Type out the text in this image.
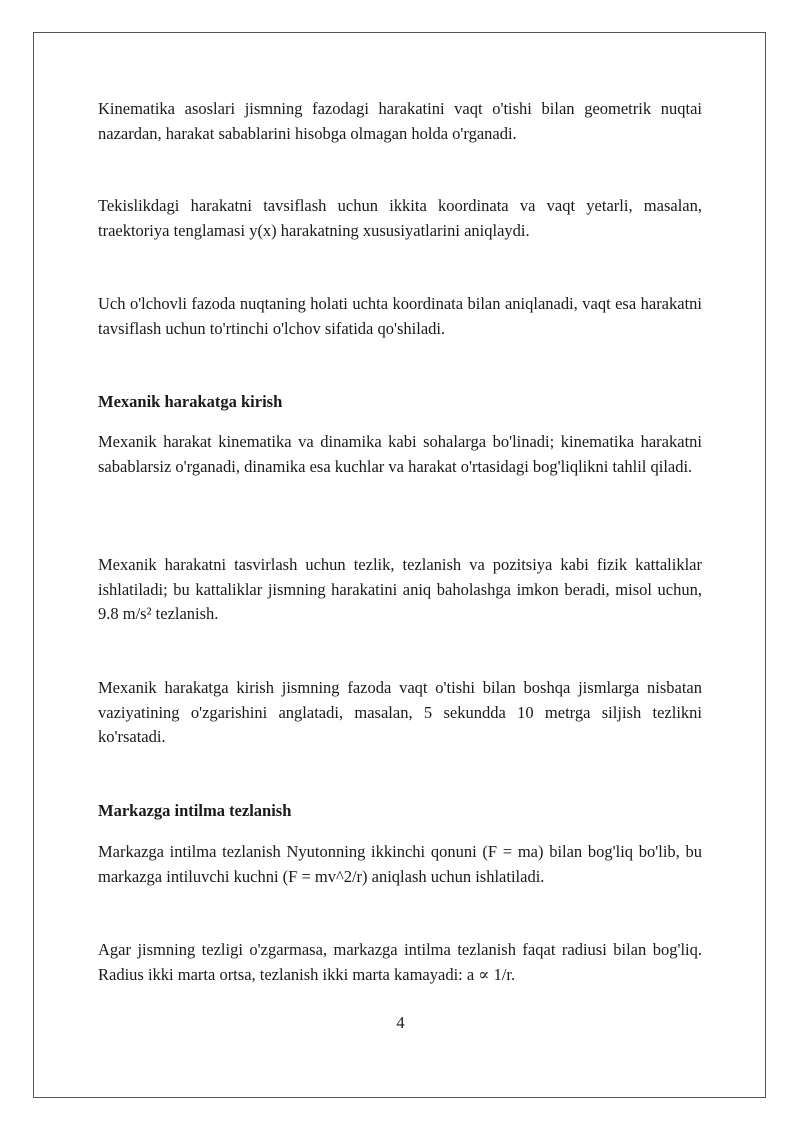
Kinematika asoslari jismning fazodagi harakatini vaqt o'tishi bilan geometrik nuqtai nazardan, harakat sabablarini hisobga olmagan holda o'rganadi.

Tekislikdagi harakatni tavsiflash uchun ikkita koordinata va vaqt yetarli, masalan, traektoriya tenglamasi y(x) harakatning xususiyatlarini aniqlaydi.

Uch o'lchovli fazoda nuqtaning holati uchta koordinata bilan aniqlanadi, vaqt esa harakatni tavsiflash uchun to'rtinchi o'lchov sifatida qo'shiladi.

Mexanik harakatga kirish

Mexanik harakat kinematika va dinamika kabi sohalarga bo'linadi; kinematika harakatni sabablarsiz o'rganadi, dinamika esa kuchlar va harakat o'rtasidagi bog'liqlikni tahlil qiladi.

Mexanik harakatni tasvirlash uchun tezlik, tezlanish va pozitsiya kabi fizik kattaliklar ishlatiladi; bu kattaliklar jismning harakatini aniq baholashga imkon beradi, misol uchun, 9.8 m/s² tezlanish.

Mexanik harakatga kirish jismning fazoda vaqt o'tishi bilan boshqa jismlarga nisbatan vaziyatining o'zgarishini anglatadi, masalan, 5 sekundda 10 metrga siljish tezlikni ko'rsatadi.

Markazga intilma tezlanish

Markazga intilma tezlanish Nyutonning ikkinchi qonuni (F = ma) bilan bog'liq bo'lib, bu markazga intiluvchi kuchni (F = mv^2/r) aniqlash uchun ishlatiladi.

Agar jismning tezligi o'zgarmasa, markazga intilma tezlanish faqat radiusi bilan bog'liq. Radius ikki marta ortsa, tezlanish ikki marta kamayadi: a ∝ 1/r.

4
